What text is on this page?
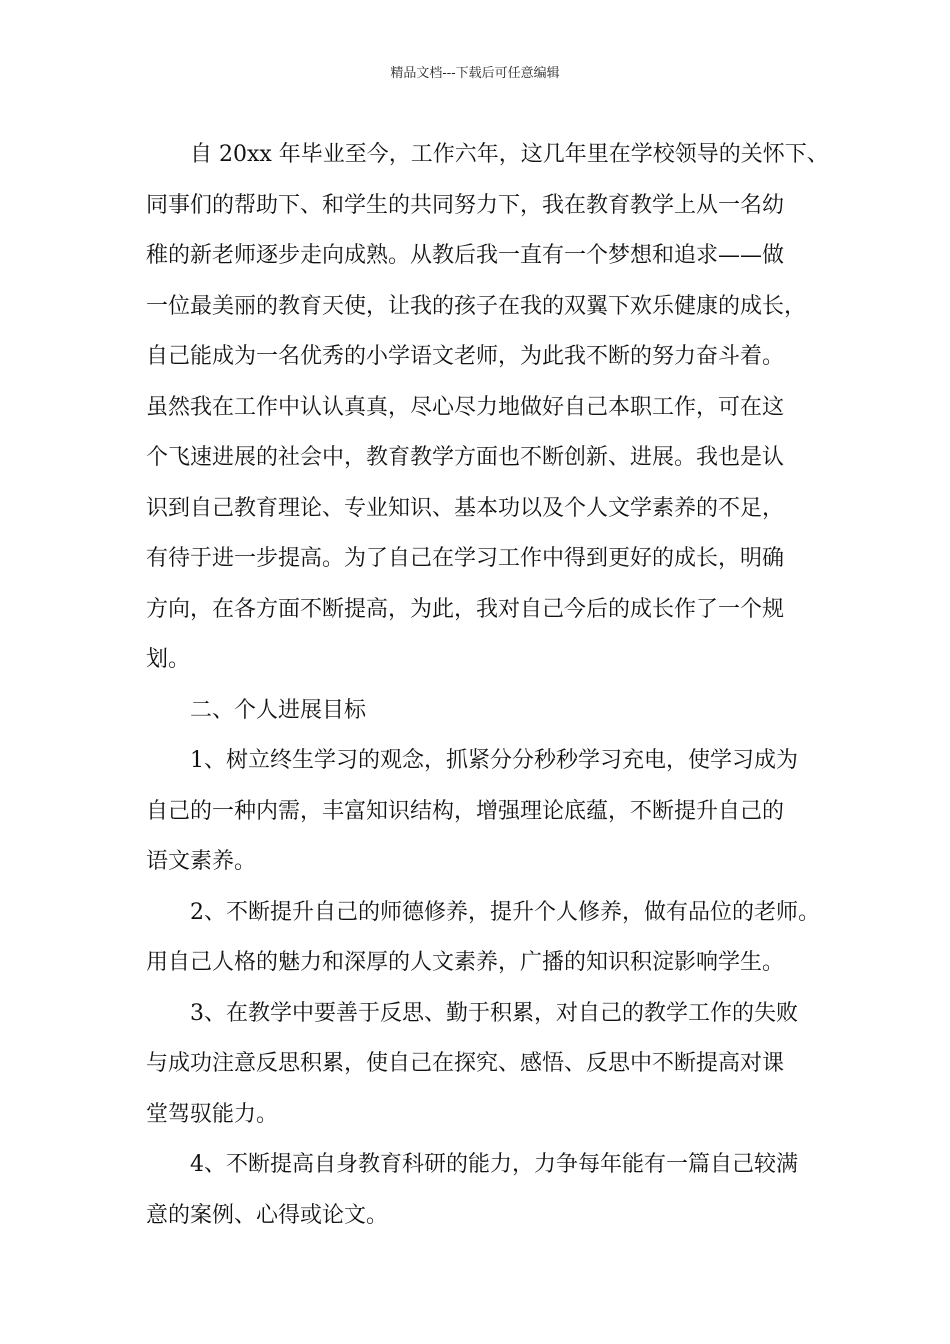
精品文档---下载后可任意编辑
自 20xx 年毕业至今，工作六年，这几年里在学校领导的关怀下、
同事们的帮助下、和学生的共同努力下，我在教育教学上从一名幼
稚的新老师逐步走向成熟。从教后我一直有一个梦想和追求——做
一位最美丽的教育天使，让我的孩子在我的双翼下欢乐健康的成长，
自己能成为一名优秀的小学语文老师，为此我不断的努力奋斗着。
虽然我在工作中认认真真，尽心尽力地做好自己本职工作，可在这
个飞速进展的社会中，教育教学方面也不断创新、进展。我也是认
识到自己教育理论、专业知识、基本功以及个人文学素养的不足，
有待于进一步提高。为了自己在学习工作中得到更好的成长，明确
方向，在各方面不断提高，为此，我对自己今后的成长作了一个规
划。
二、个人进展目标
1、树立终生学习的观念，抓紧分分秒秒学习充电，使学习成为
自己的一种内需，丰富知识结构，增强理论底蕴，不断提升自己的
语文素养。
2、不断提升自己的师德修养，提升个人修养，做有品位的老师。
用自己人格的魅力和深厚的人文素养，广播的知识积淀影响学生。
3、在教学中要善于反思、勤于积累，对自己的教学工作的失败
与成功注意反思积累，使自己在探究、感悟、反思中不断提高对课
堂驾驭能力。
4、不断提高自身教育科研的能力，力争每年能有一篇自己较满
意的案例、心得或论文。
